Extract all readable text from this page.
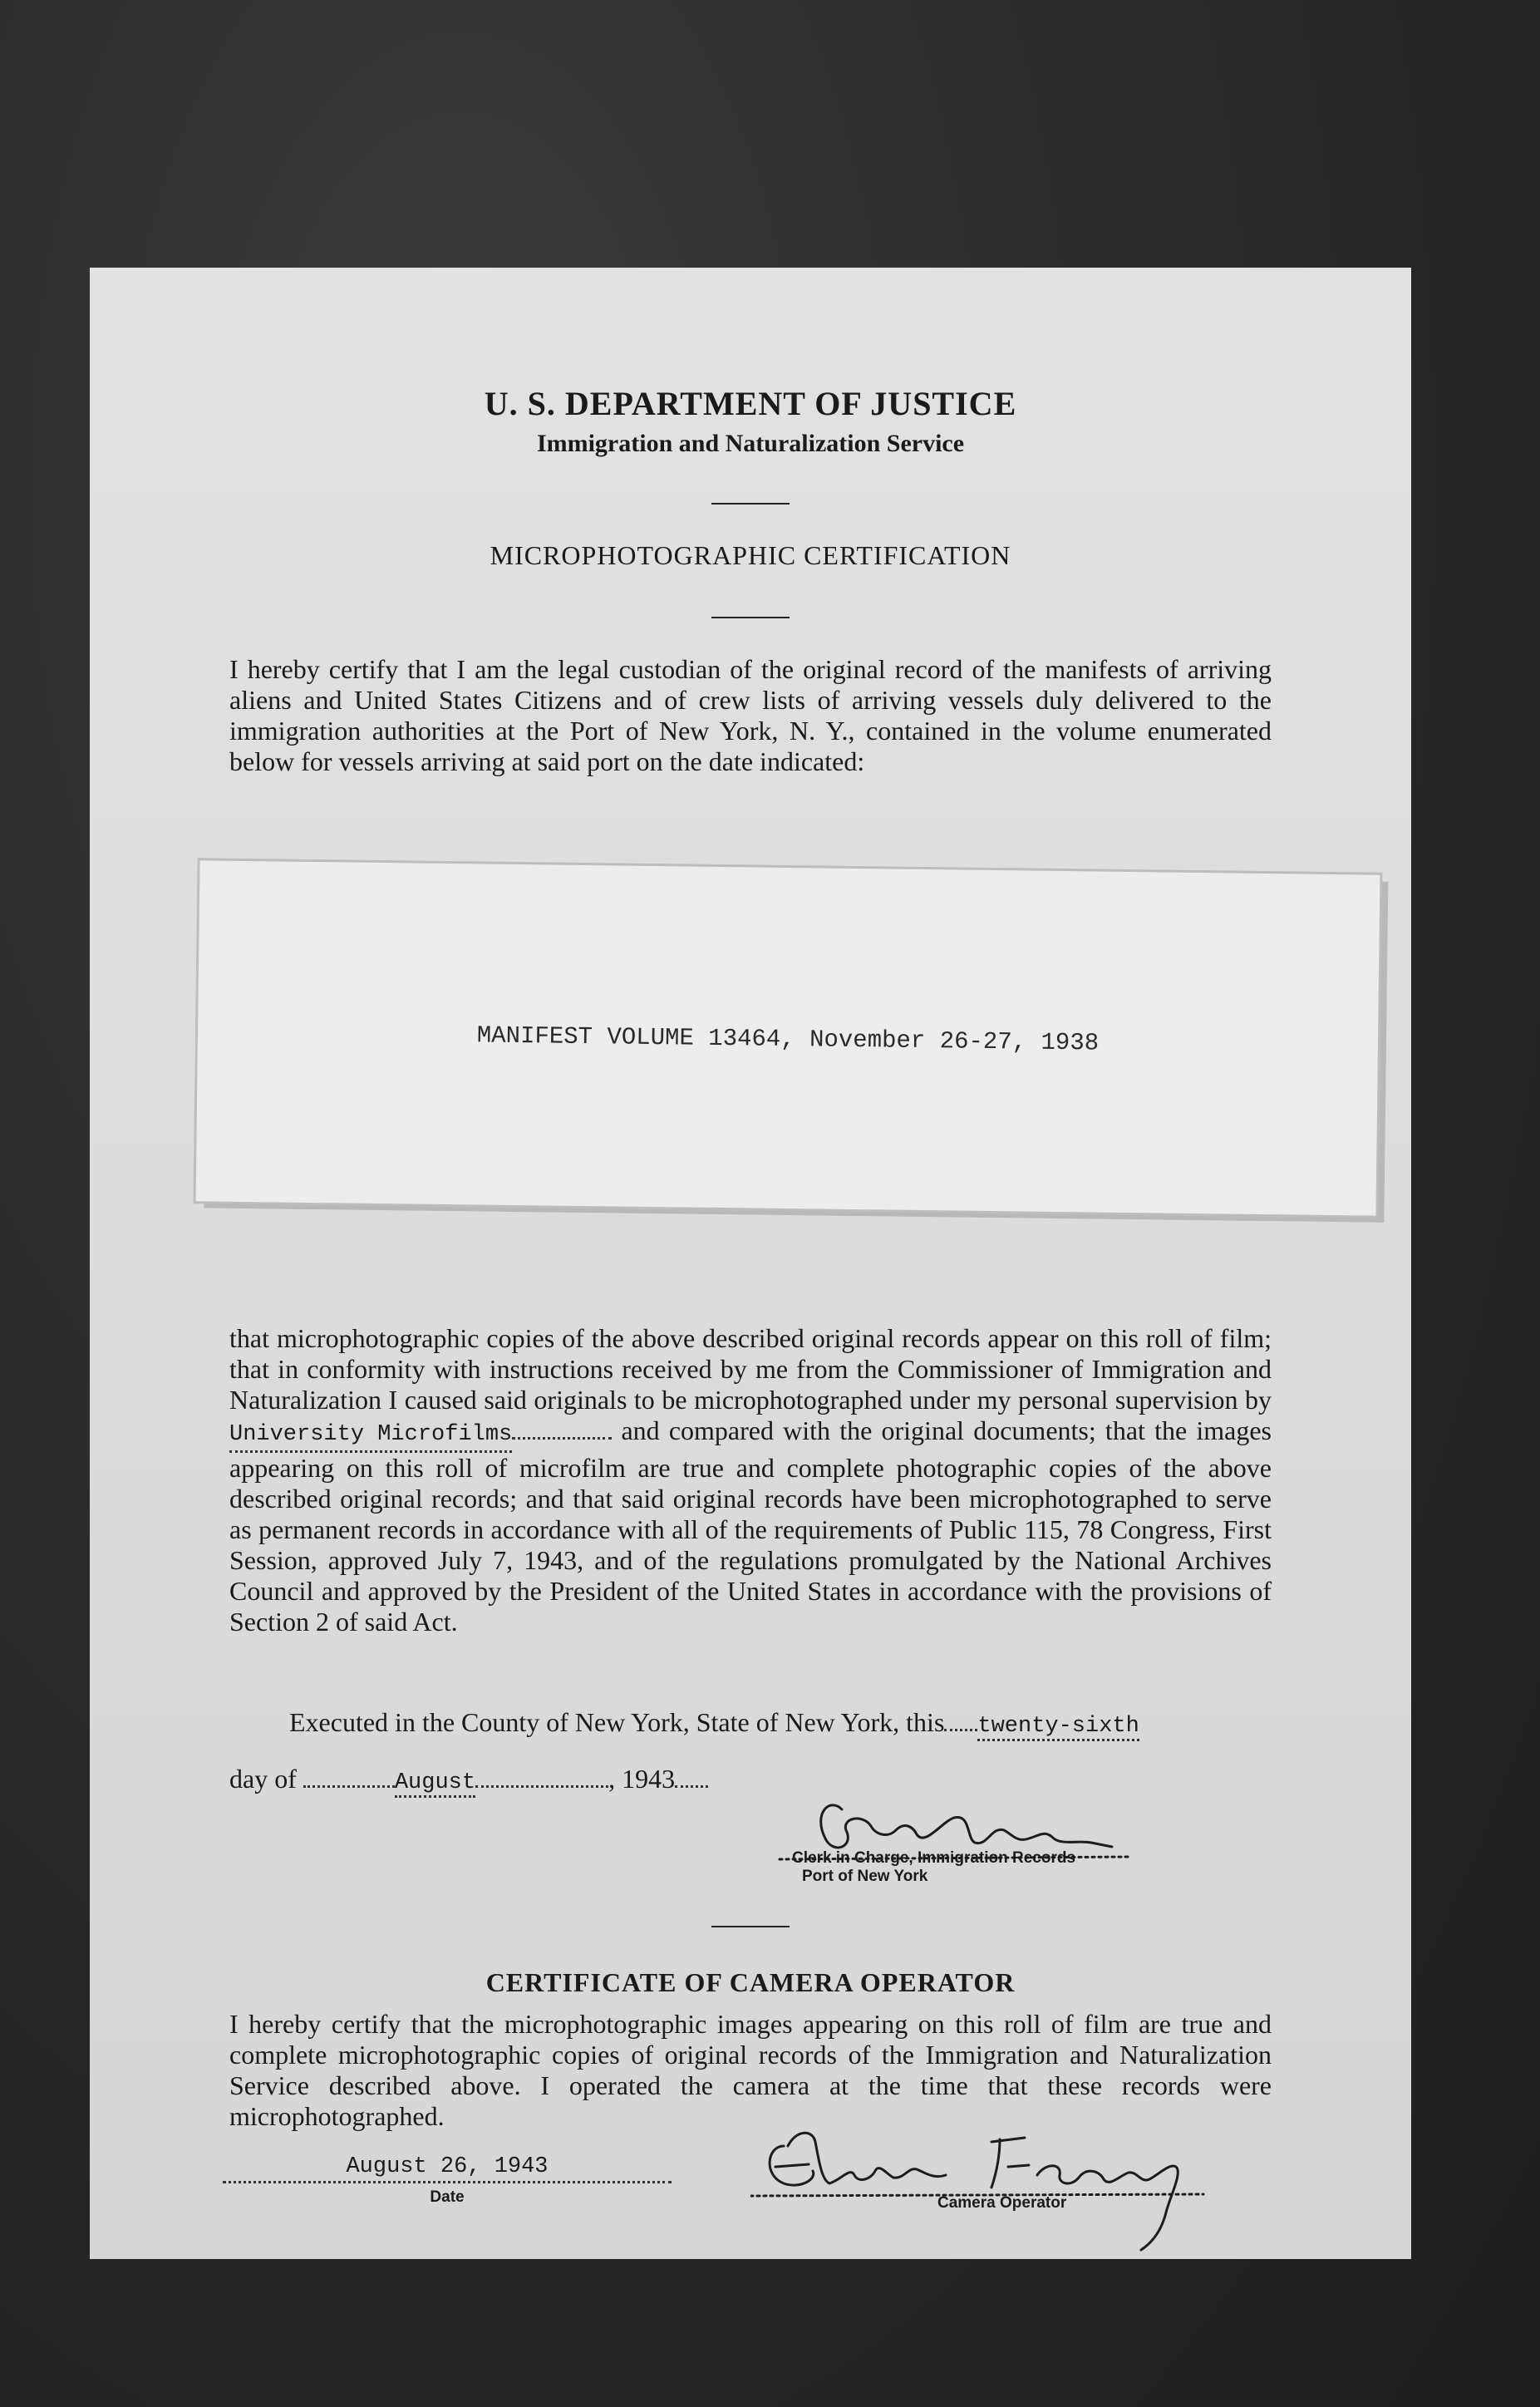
U. S. DEPARTMENT OF JUSTICE
Immigration and Naturalization Service
MICROPHOTOGRAPHIC CERTIFICATION
I hereby certify that I am the legal custodian of the original record of the manifests of arriving aliens and United States Citizens and of crew lists of arriving vessels duly delivered to the immigration authorities at the Port of New York, N. Y., contained in the volume enumerated below for vessels arriving at said port on the date indicated:
MANIFEST VOLUME 13464, November 26-27, 1938
that microphotographic copies of the above described original records appear on this roll of film; that in conformity with instructions received by me from the Commissioner of Immigration and Naturalization I caused said originals to be microphotographed under my personal supervision by University Microfilms	and compared with the original documents; that the images appearing on this roll of microfilm are true and complete photographic copies of the above described original records; and that said original records have been microphotographed to serve as permanent records in accordance with all of the requirements of Public 115, 78 Congress, First Session, approved July 7, 1943, and of the regulations promulgated by the National Archives Council and approved by the President of the United States in accordance with the provisions of Section 2 of said Act.
Executed in the County of New York, State of New York, this twenty-sixth
day of	August	, 1943
Clerk in Charge, Immigration Records
Port of New York
CERTIFICATE OF CAMERA OPERATOR
I hereby certify that the microphotographic images appearing on this roll of film are true and complete microphotographic copies of original records of the Immigration and Naturalization Service described above. I operated the camera at the time that these records were microphotographed.
August 26, 1943
Date	Camera Operator
